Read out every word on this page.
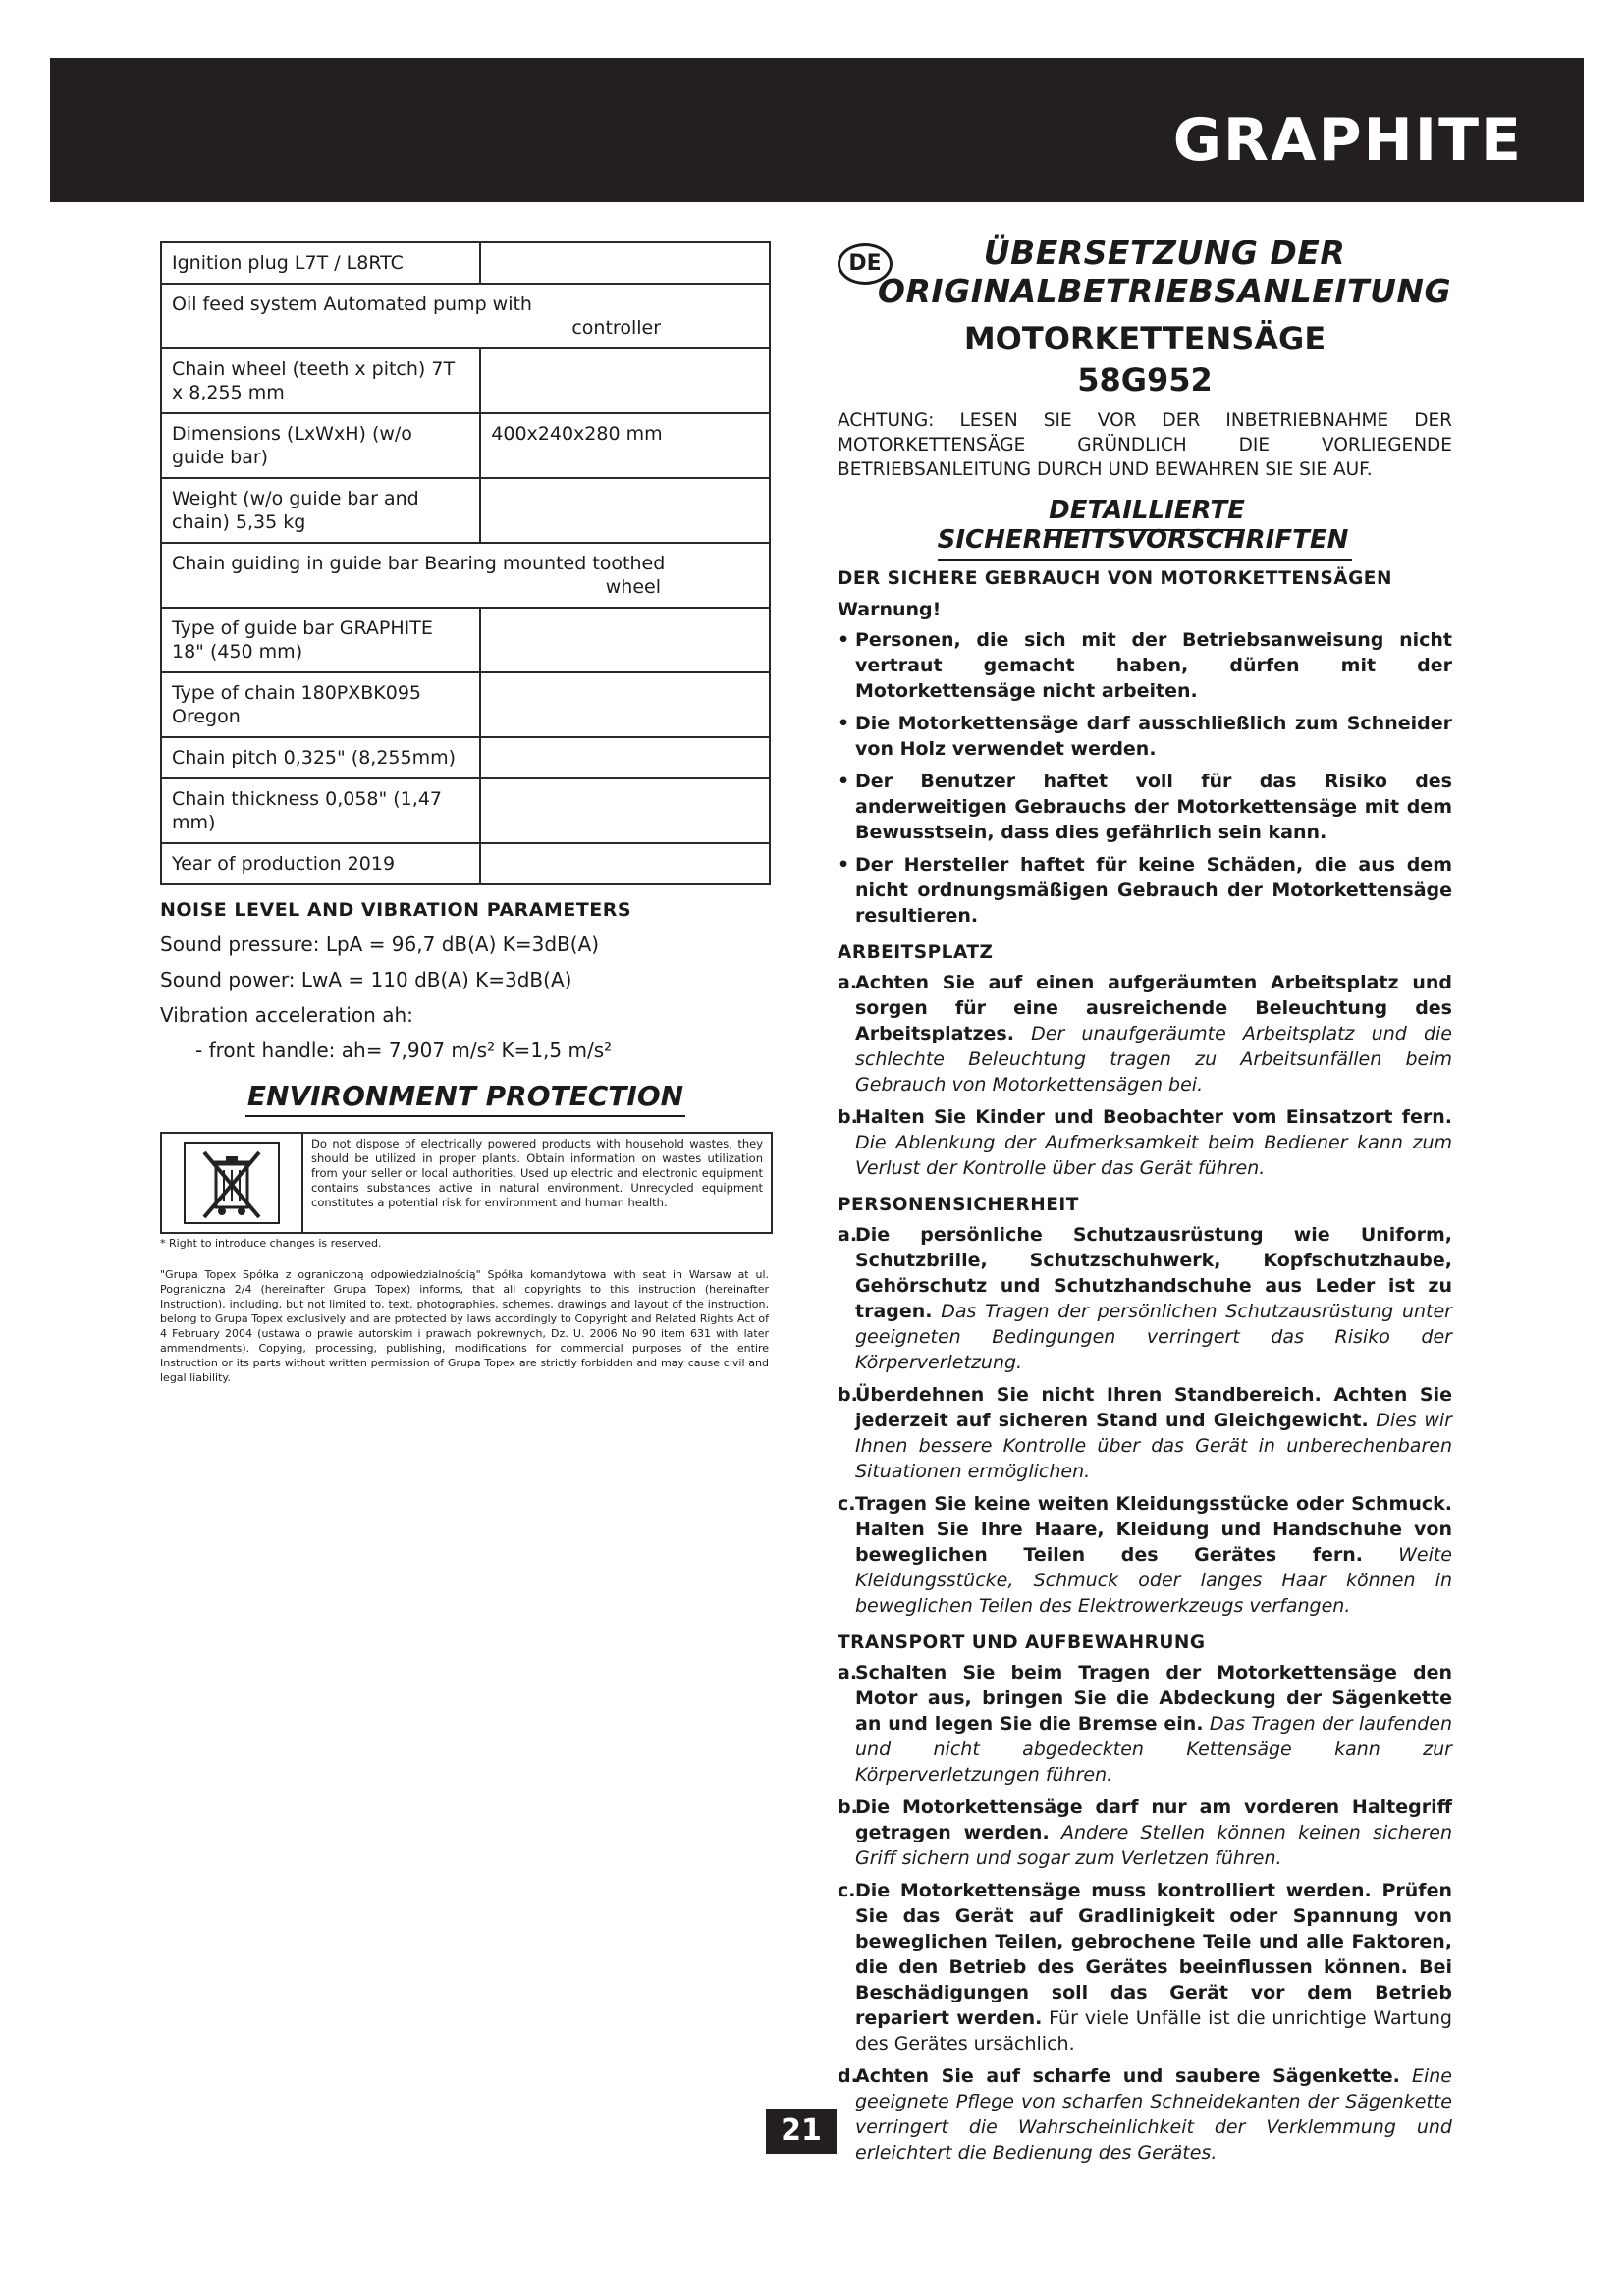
GRAPHITE
Ignition plug L7T / L8RTC	
Oil feed system Automated pump with
controller	

Chain wheel (teeth x pitch) 7T x 8,255 mm	
Dimensions (LxWxH) (w/o guide bar)	400x240x280 mm
Weight (w/o guide bar and chain) 5,35 kg	
Chain guiding in guide bar Bearing mounted toothed
wheel	

Type of guide bar GRAPHITE 18" (450 mm)	
Type of chain 180PXBK095 Oregon	
Chain pitch 0,325" (8,255mm)	
Chain thickness 0,058" (1,47 mm)	
Year of production 2019	
NOISE LEVEL AND VIBRATION PARAMETERS
Sound pressure: LpA = 96,7 dB(A) K=3dB(A)
Sound power: LwA = 110 dB(A) K=3dB(A)
Vibration acceleration ah:
- front handle: ah= 7,907 m/s² K=1,5 m/s²
ENVIRONMENT PROTECTION
Do not dispose of electrically powered products with household wastes, they should be utilized in proper plants. Obtain information on wastes utilization from your seller or local authorities. Used up electric and electronic equipment contains substances active in natural environment. Unrecycled equipment constitutes a potential risk for environment and human health.
* Right to introduce changes is reserved.
"Grupa Topex Spółka z ograniczoną odpowiedzialnością" Spółka komandytowa with seat in Warsaw at ul. Pograniczna 2/4 (hereinafter Grupa Topex) informs, that all copyrights to this instruction (hereinafter Instruction), including, but not limited to, text, photographies, schemes, drawings and layout of the instruction, belong to Grupa Topex exclusively and are protected by laws accordingly to Copyright and Related Rights Act of 4 February 2004 (ustawa o prawie autorskim i prawach pokrewnych, Dz. U. 2006 No 90 item 631 with later ammendments). Copying, processing, publishing, modifications for commercial purposes of the entire Instruction or its parts without written permission of Grupa Topex are strictly forbidden and may cause civil and legal liability.
DE	ÜBERSETZUNG DER
ORIGINALBETRIEBSANLEITUNG
MOTORKETTENSÄGE
58G952
ACHTUNG: LESEN SIE VOR DER INBETRIEBNAHME DER MOTORKETTENSÄGE GRÜNDLICH DIE VORLIEGENDE BETRIEBSANLEITUNG DURCH UND BEWAHREN SIE SIE AUF.
DETAILLIERTE SICHERHEITSVORSCHRIFTEN
DER SICHERE GEBRAUCH VON MOTORKETTENSÄGEN
Warnung!
• Personen, die sich mit der Betriebsanweisung nicht vertraut gemacht haben, dürfen mit der Motorkettensäge nicht arbeiten.
• Die Motorkettensäge darf ausschließlich zum Schneider von Holz verwendet werden.
• Der Benutzer haftet voll für das Risiko des anderweitigen Gebrauchs der Motorkettensäge mit dem Bewusstsein, dass dies gefährlich sein kann.
• Der Hersteller haftet für keine Schäden, die aus dem nicht ordnungsmäßigen Gebrauch der Motorkettensäge resultieren.
ARBEITSPLATZ
a.
Achten Sie auf einen aufgeräumten Arbeitsplatz und sorgen für eine ausreichende Beleuchtung des Arbeitsplatzes. Der unaufgeräumte Arbeitsplatz und die schlechte Beleuchtung tragen zu Arbeitsunfällen beim Gebrauch von Motorkettensägen bei.
b.
Halten Sie Kinder und Beobachter vom Einsatzort fern. Die Ablenkung der Aufmerksamkeit beim Bediener kann zum Verlust der Kontrolle über das Gerät führen.
PERSONENSICHERHEIT
a.
Die persönliche Schutzausrüstung wie Uniform, Schutzbrille, Schutzschuhwerk, Kopfschutzhaube, Gehörschutz und Schutzhandschuhe aus Leder ist zu tragen. Das Tragen der persönlichen Schutzausrüstung unter geeigneten Bedingungen verringert das Risiko der Körperverletzung.
b.
Überdehnen Sie nicht Ihren Standbereich. Achten Sie jederzeit auf sicheren Stand und Gleichgewicht. Dies wir Ihnen bessere Kontrolle über das Gerät in unberechenbaren Situationen ermöglichen.
c. Tragen Sie keine weiten Kleidungsstücke oder Schmuck. Halten Sie Ihre Haare, Kleidung und Handschuhe von beweglichen Teilen des Gerätes fern. Weite Kleidungsstücke, Schmuck oder langes Haar können in beweglichen Teilen des Elektrowerkzeugs verfangen.
TRANSPORT UND AUFBEWAHRUNG
a.
Schalten Sie beim Tragen der Motorkettensäge den Motor aus, bringen Sie die Abdeckung der Sägenkette an und legen Sie die Bremse ein. Das Tragen der laufenden und nicht abgedeckten Kettensäge kann zur Körperverletzungen führen.
b.
Die Motorkettensäge darf nur am vorderen Haltegriff getragen werden. Andere Stellen können keinen sicheren Griff sichern und sogar zum Verletzen führen.
c. Die Motorkettensäge muss kontrolliert werden. Prüfen Sie das Gerät auf Gradlinigkeit oder Spannung von beweglichen Teilen, gebrochene Teile und alle Faktoren, die den Betrieb des Gerätes beeinflussen können. Bei Beschädigungen soll das Gerät vor dem Betrieb repariert werden. Für viele Unfälle ist die unrichtige Wartung des Gerätes ursächlich.
d.
Achten Sie auf scharfe und saubere Sägenkette. Eine geeignete Pflege von scharfen Schneidekanten der Sägenkette verringert die Wahrscheinlichkeit der Verklemmung und erleichtert die Bedienung des Gerätes.
21
